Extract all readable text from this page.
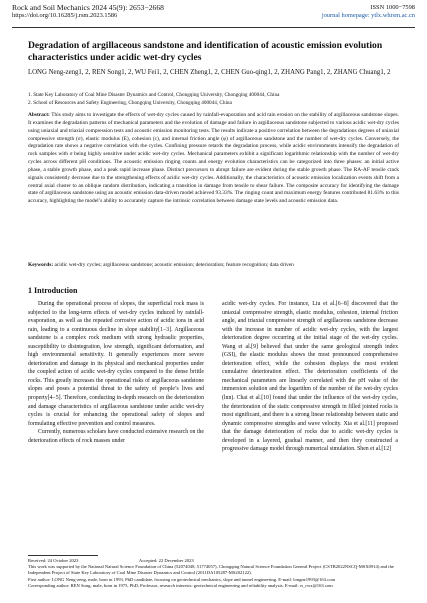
Rock and Soil Mechanics 2024 45(9): 2653−2668
https://doi.org/10.16285/j.rsm.2023.1586
ISSN 1000−7598
journal homepage: ytlx.whrsm.ac.cn
Degradation of argillaceous sandstone and identification of acoustic emission evolution characteristics under acidic wet-dry cycles
LONG Neng-zeng1, 2, REN Song1, 2, WU Fei1, 2, CHEN Zheng1, 2, CHEN Guo-qing1, 2, ZHANG Pang1, 2, ZHANG Chuang1, 2
1. State Key Laboratory of Coal Mine Disaster Dynamics and Control, Chongqing University, Chongqing 400044, China
2. School of Resources and Safety Engineering, Chongqing University, Chongqing 400044, China
Abstract: This study aims to investigate the effects of wet-dry cycles caused by rainfall-evaporation and acid rain erosion on the stability of argillaceous sandstone slopes. It examines the degradation patterns of mechanical parameters and the evolution of damage and failure in argillaceous sandstone subjected to various acidic wet-dry cycles using uniaxial and triaxial compression tests and acoustic emission monitoring tests. The results indicate a positive correlation between the degradations degrees of uniaxial compressive strength (σ), elastic modulus (E), cohesion (c), and internal friction angle (φ) of argillaceous sandstone and the number of wet-dry cycles. Conversely, the degradation rate shows a negative correlation with the cycles. Confining pressure retards the degradation process, while acidic environments intensify the degradation of rock samples with σ being highly sensitive under acidic wet-dry cycles. Mechanical parameters exhibit a significant logarithmic relationship with the number of wet-dry cycles across different pH conditions. The acoustic emission ringing counts and energy evolution characteristics can be categorized into three phases: an initial active phase, a stable growth phase, and a peak rapid increase phase. Distinct precursors to abrupt failure are evident during the stable growth phase. The RA-AF tensile crack signals consistently decrease due to the strengthening effects of acidic wet-dry cycles. Additionally, the characteristics of acoustic emission localization events shift from a central axial cluster to an oblique random distribution, indicating a transition in damage from tensile to shear failure. The composite accuracy for identifying the damage state of argillaceous sandstone using an acoustic emission data-driven model achieved 93.33%. The ringing count and maximum energy features contributed 81.63% to this accuracy, highlighting the model’s ability to accurately capture the intrinsic correlation between damage state levels and acoustic emission data.
Keywords: acidic wet-dry cycles; argillaceous sandstone; acoustic emission; deterioration; feature recognition; data driven
1 Introduction

During the operational process of slopes, the superficial rock mass is subjected to the long-term effects of wet-dry cycles induced by rainfall-evaporation, as well as the repeated corrosive action of acidic ions in acid rain, leading to a continuous decline in slope stability[1−3]. Argillaceous sandstone is a complex rock medium with strong hydraulic properties, susceptibility to disintegration, low strength, significant deformation, and high environmental sensitivity. It generally experiences more severe deterioration and damage in its physical and mechanical properties under the coupled action of acidic wet-dry cycles compared to the dense brittle rocks. This greatly increases the operational risks of argillaceous sandstone slopes and poses a potential threat to the safety of people’s lives and property[4−5]. Therefore, conducting in-depth research on the deterioration and damage characteristics of argillaceous sandstone under acidic wet-dry cycles is crucial for enhancing the operational safety of slopes and formulating effective prevention and control measures.

Currently, numerous scholars have conducted extensive research on the deterioration effects of rock masses under

acidic wet-dry cycles. For instance, Liu et al.[6−8] discovered that the uniaxial compressive strength, elastic modulus, cohesion, internal friction angle, and triaxial compressive strength of argillaceous sandstone decrease with the increase in number of acidic wet-dry cycles, with the largest deterioration degree occurring at the initial stage of the wet-dry cycles. Wang et al.[9] believed that under the same geological strength index (GSI), the elastic modulus shows the most pronounced comprehensive deterioration effect, while the cohesion displays the most evident cumulative deterioration effect. The deterioration coefficients of the mechanical parameters are linearly correlated with the pH value of the immersion solution and the logarithm of the number of the wet-dry cycles (lnn). Chai et al.[10] found that under the influence of the wet-dry cycles, the deterioration of the static compressive strength in filled jointed rocks is most significant, and there is a strong linear relationship between static and dynamic compressive strengths and wave velocity. Xia et al.[11] proposed that the damage deterioration of rocks due to acidic wet-dry cycles is developed in a layered, gradual manner, and then they constructed a progressive damage model through numerical simulation. Shen et al.[12]

Received: 24 October 2023	Accepted: 22 December 2023
This work was supported by the National Natural Science Foundation of China (52074048, 51774057), Chongqing Natural Science Foundation General Project (CSTB2022NSCQ-MSX0914) and the Independent Project of State Key Laboratory of Coal Mine Disaster Dynamics and Control (2011DA105287-MS202122).
First author: LONG Neng-zeng, male, born in 1993, PhD candidate, focusing on geotechnical mechanics, slope and tunnel engineering. E-mail: longnz1993@163.com
Corresponding author: REN Song, male, born in 1975, PhD, Professor, research interests: geotechnical engineering and reliability analysis. E-mail: rs_rwx@163.com
